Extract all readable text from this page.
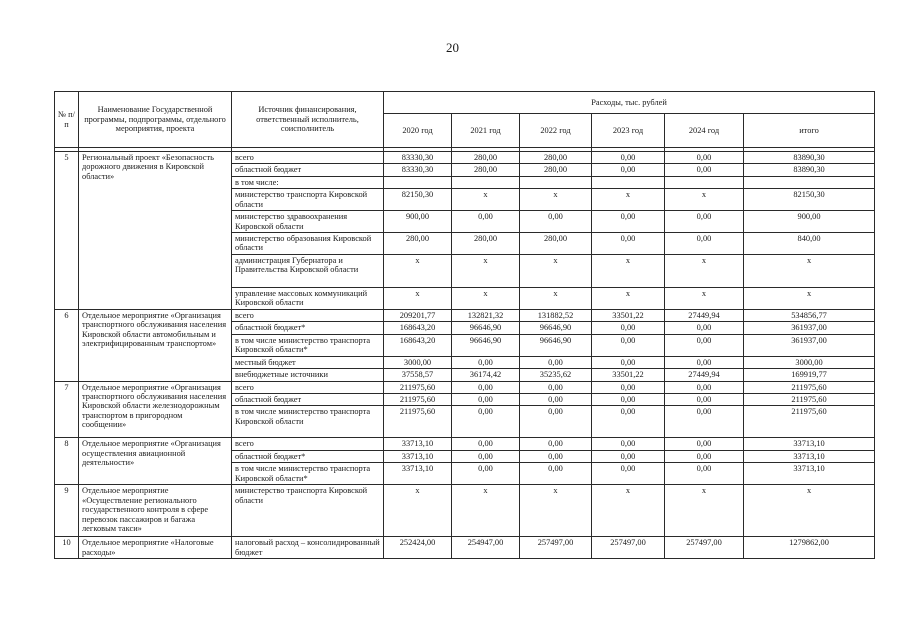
20
№ п/п	Наименование Государственной программы, подпрограммы, отдельного мероприятия, проекта	Источник финансирования, ответственный исполнитель, соисполнитель	Расходы, тыс. рублей					
			2020 год	2021 год	2022 год	2023 год	2024 год	итого

5	Региональный проект «Безопасность дорожного движения в Кировской области»	всего	83330,30	280,00	280,00	0,00	0,00	83890,30
		областной бюджет	83330,30	280,00	280,00	0,00	0,00	83890,30
		в том числе:						
		министерство транспорта Кировской области	82150,30	x	x	x	x	82150,30
		министерство здравоохранения Кировской области	900,00	0,00	0,00	0,00	0,00	900,00
		министерство образования Кировской области	280,00	280,00	280,00	0,00	0,00	840,00
		администрация Губернатора и Правительства Кировской области	x	x	x	x	x	x
		управление массовых коммуникаций Кировской области	x	x	x	x	x	x
6	Отдельное мероприятие «Организация транспортного обслуживания населения Кировской области автомобильным и электрифицированным транспортом»	всего	209201,77	132821,32	131882,52	33501,22	27449,94	534856,77
		областной бюджет*	168643,20	96646,90	96646,90	0,00	0,00	361937,00
		в том числе министерство транспорта Кировской области*	168643,20	96646,90	96646,90	0,00	0,00	361937,00
		местный бюджет	3000,00	0,00	0,00	0,00	0,00	3000,00
		внебюджетные источники	37558,57	36174,42	35235,62	33501,22	27449,94	169919,77
7	Отдельное мероприятие «Организация транспортного обслуживания населения Кировской области железнодорожным транспортом в пригородном сообщении»	всего	211975,60	0,00	0,00	0,00	0,00	211975,60
		областной бюджет	211975,60	0,00	0,00	0,00	0,00	211975,60
		в том числе министерство транспорта Кировской области	211975,60	0,00	0,00	0,00	0,00	211975,60
8	Отдельное мероприятие «Организация осуществления авиационной деятельности»	всего	33713,10	0,00	0,00	0,00	0,00	33713,10
		областной бюджет*	33713,10	0,00	0,00	0,00	0,00	33713,10
		в том числе министерство транспорта Кировской области*	33713,10	0,00	0,00	0,00	0,00	33713,10
9	Отдельное мероприятие «Осуществление регионального государственного контроля в сфере перевозок пассажиров и багажа легковым такси»	министерство транспорта Кировской области	x	x	x	x	x	x
10	Отдельное мероприятие «Налоговые расходы»	налоговый расход – консолидированный бюджет	252424,00	254947,00	257497,00	257497,00	257497,00	1279862,00
